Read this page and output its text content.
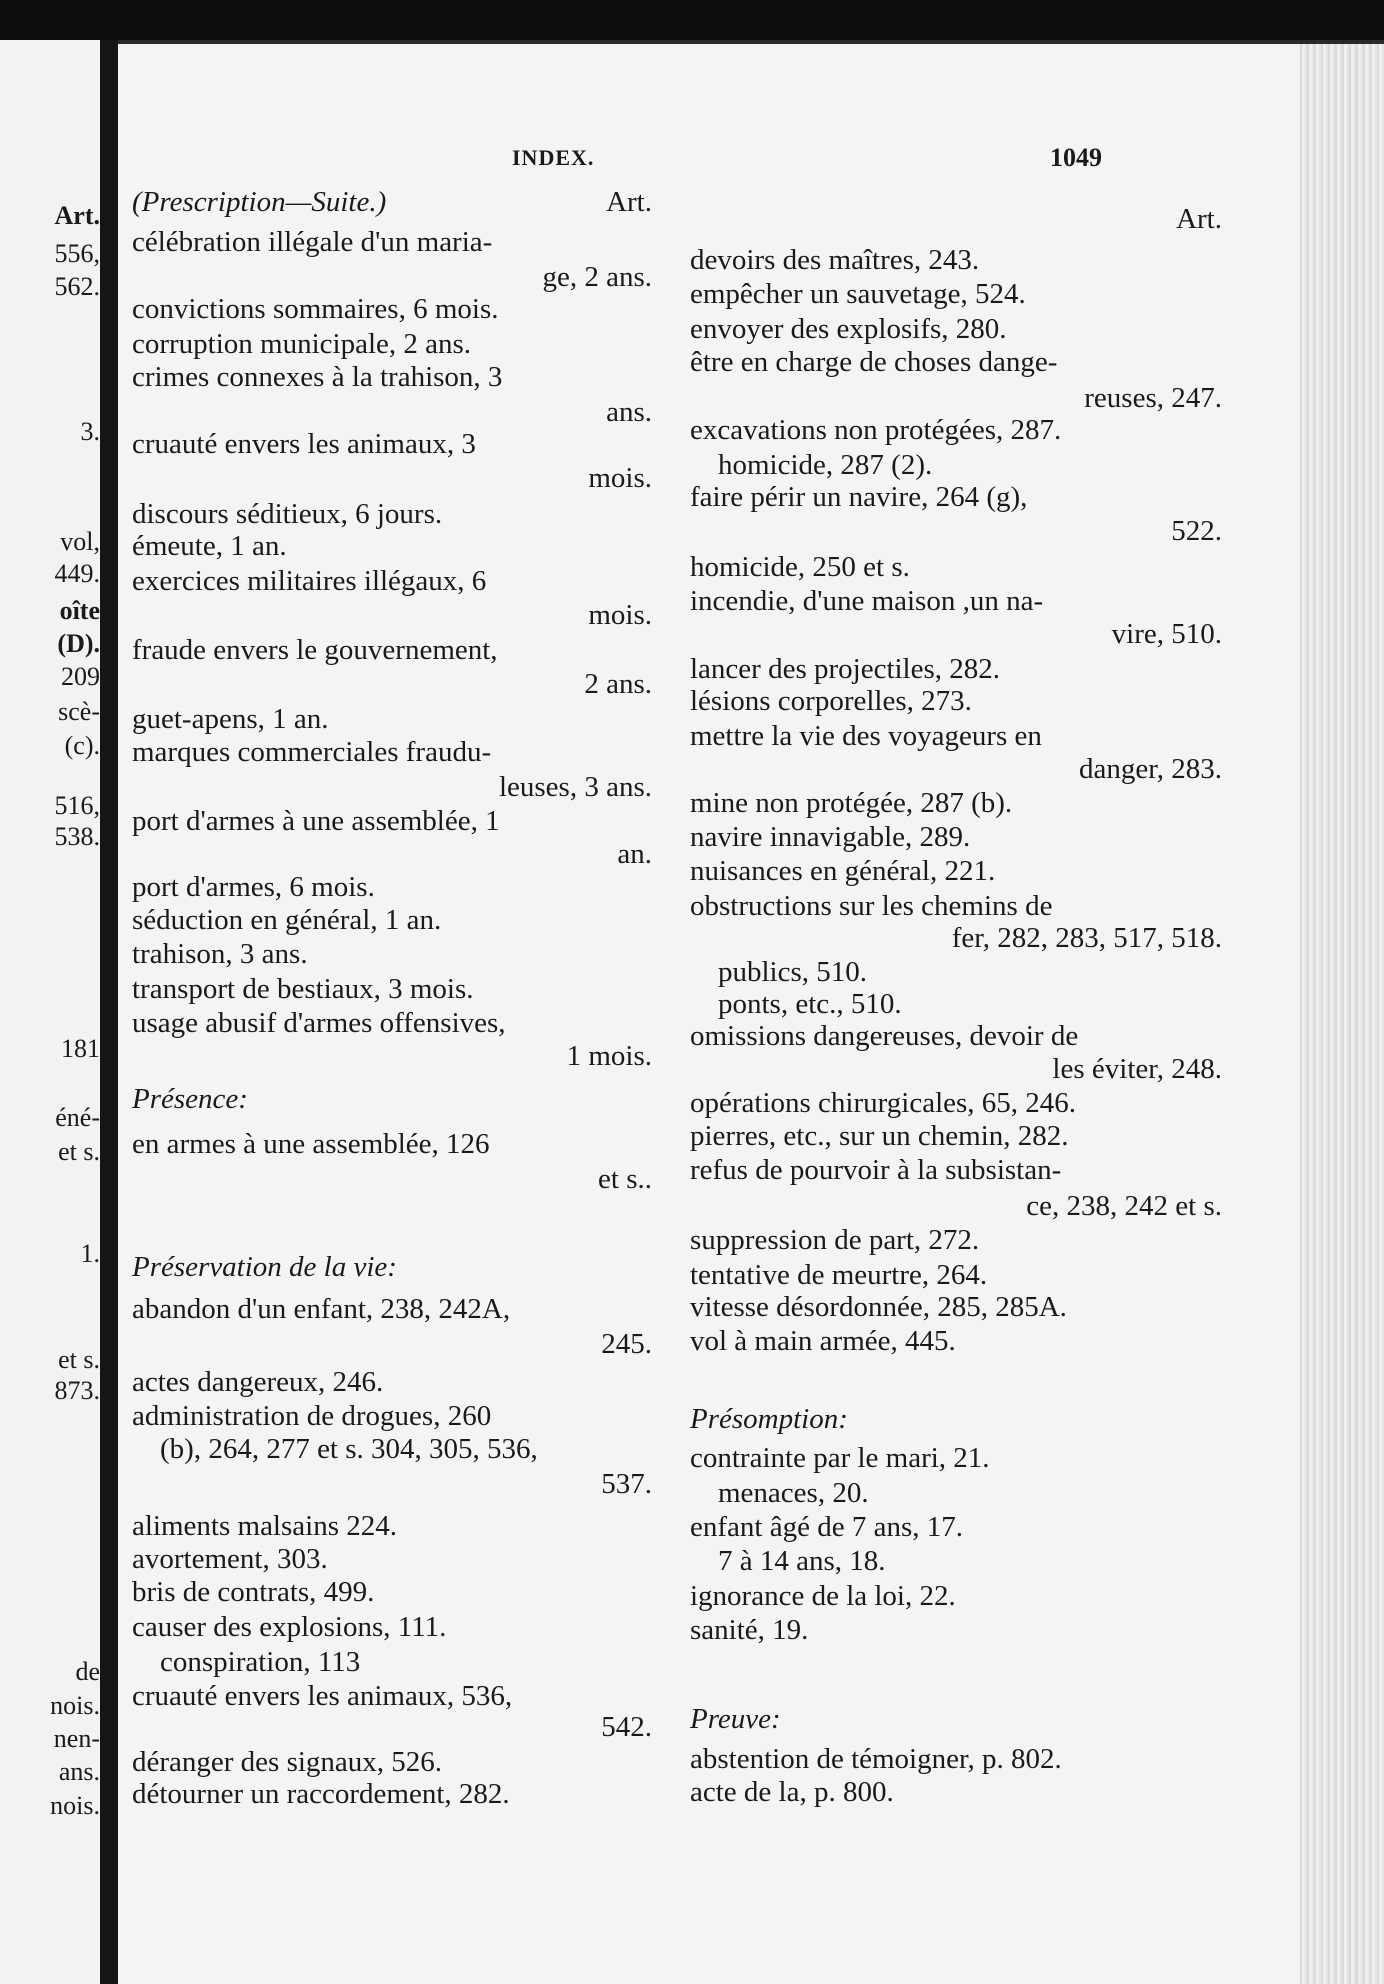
Art.
556,
562.
3.
vol,
449.
oîte
(D).
209
scè-
(c).
516,
538.
181
éné-
et s.
1.
et s.
873.
de
nois.
nen-
ans.
nois.
INDEX.	1049
(Prescription—Suite.)	Art.
célébration illégale d'un maria-
ge, 2 ans.
convictions sommaires, 6 mois.
corruption municipale, 2 ans.
crimes connexes à la trahison, 3
ans.
cruauté envers les animaux, 3
mois.
discours séditieux, 6 jours.
émeute, 1 an.
exercices militaires illégaux, 6
mois.
fraude envers le gouvernement,
2 ans.
guet-apens, 1 an.
marques commerciales fraudu-
leuses, 3 ans.
port d'armes à une assemblée, 1
an.
port d'armes, 6 mois.
séduction en général, 1 an.
trahison, 3 ans.
transport de bestiaux, 3 mois.
usage abusif d'armes offensives,
1 mois.
Présence:
en armes à une assemblée, 126
et s..
Préservation de la vie:
abandon d'un enfant, 238, 242A,
245.
actes dangereux, 246.
administration de drogues, 260
(b), 264, 277 et s. 304, 305, 536,
537.
aliments malsains 224.
avortement, 303.
bris de contrats, 499.
causer des explosions, 111.
conspiration, 113
cruauté envers les animaux, 536,
542.
déranger des signaux, 526.
détourner un raccordement, 282.
Art.
devoirs des maîtres, 243.
empêcher un sauvetage, 524.
envoyer des explosifs, 280.
être en charge de choses dange-
reuses, 247.
excavations non protégées, 287.
homicide, 287 (2).
faire périr un navire, 264 (g),
522.
homicide, 250 et s.
incendie, d'une maison ,un na-
vire, 510.
lancer des projectiles, 282.
lésions corporelles, 273.
mettre la vie des voyageurs en
danger, 283.
mine non protégée, 287 (b).
navire innavigable, 289.
nuisances en général, 221.
obstructions sur les chemins de
fer, 282, 283, 517, 518.
publics, 510.
ponts, etc., 510.
omissions dangereuses, devoir de
les éviter, 248.
opérations chirurgicales, 65, 246.
pierres, etc., sur un chemin, 282.
refus de pourvoir à la subsistan-
ce, 238, 242 et s.
suppression de part, 272.
tentative de meurtre, 264.
vitesse désordonnée, 285, 285A.
vol à main armée, 445.
Présomption:
contrainte par le mari, 21.
menaces, 20.
enfant âgé de 7 ans, 17.
7 à 14 ans, 18.
ignorance de la loi, 22.
sanité, 19.
Preuve:
abstention de témoigner, p. 802.
acte de la, p. 800.
